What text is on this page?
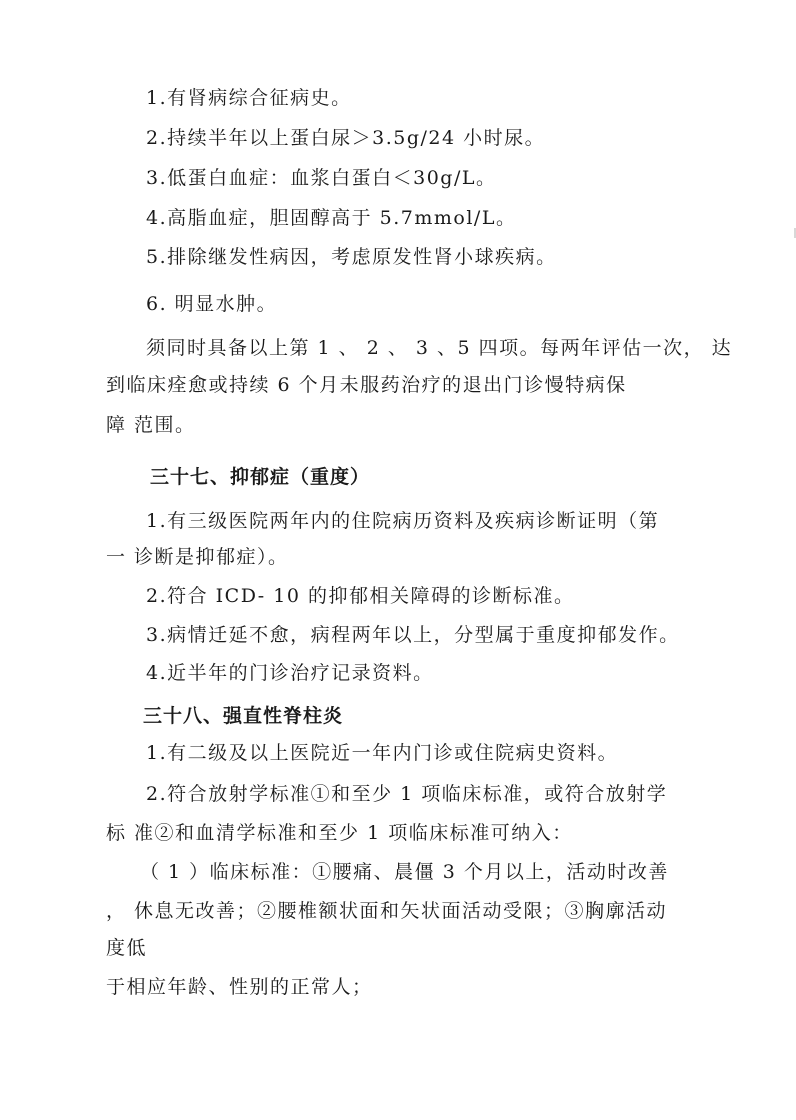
1.有肾病综合征病史。
2.持续半年以上蛋白尿＞3.5g/24 小时尿。
3.低蛋白血症：血浆白蛋白＜30g/L。
4.高脂血症，胆固醇高于 5.7mmol/L。
5.排除继发性病因，考虑原发性肾小球疾病。
6. 明显水肿。
须同时具备以上第 1 、 2 、 3 、5 四项。每两年评估一次， 达
到临床痊愈或持续 6 个月未服药治疗的退出门诊慢特病保
障 范围。
三十七、抑郁症（重度）
1.有三级医院两年内的住院病历资料及疾病诊断证明（第
一 诊断是抑郁症）。
2.符合 ICD- 10 的抑郁相关障碍的诊断标准。
3.病情迁延不愈，病程两年以上，分型属于重度抑郁发作。
4.近半年的门诊治疗记录资料。
三十八、强直性脊柱炎
1.有二级及以上医院近一年内门诊或住院病史资料。
2.符合放射学标准①和至少 1 项临床标准，或符合放射学
标 准②和血清学标准和至少 1 项临床标准可纳入：
（ 1 ）临床标准：①腰痛、晨僵 3 个月以上，活动时改善
， 休息无改善；②腰椎额状面和矢状面活动受限；③胸廓活动
度低
于相应年龄、性别的正常人；
